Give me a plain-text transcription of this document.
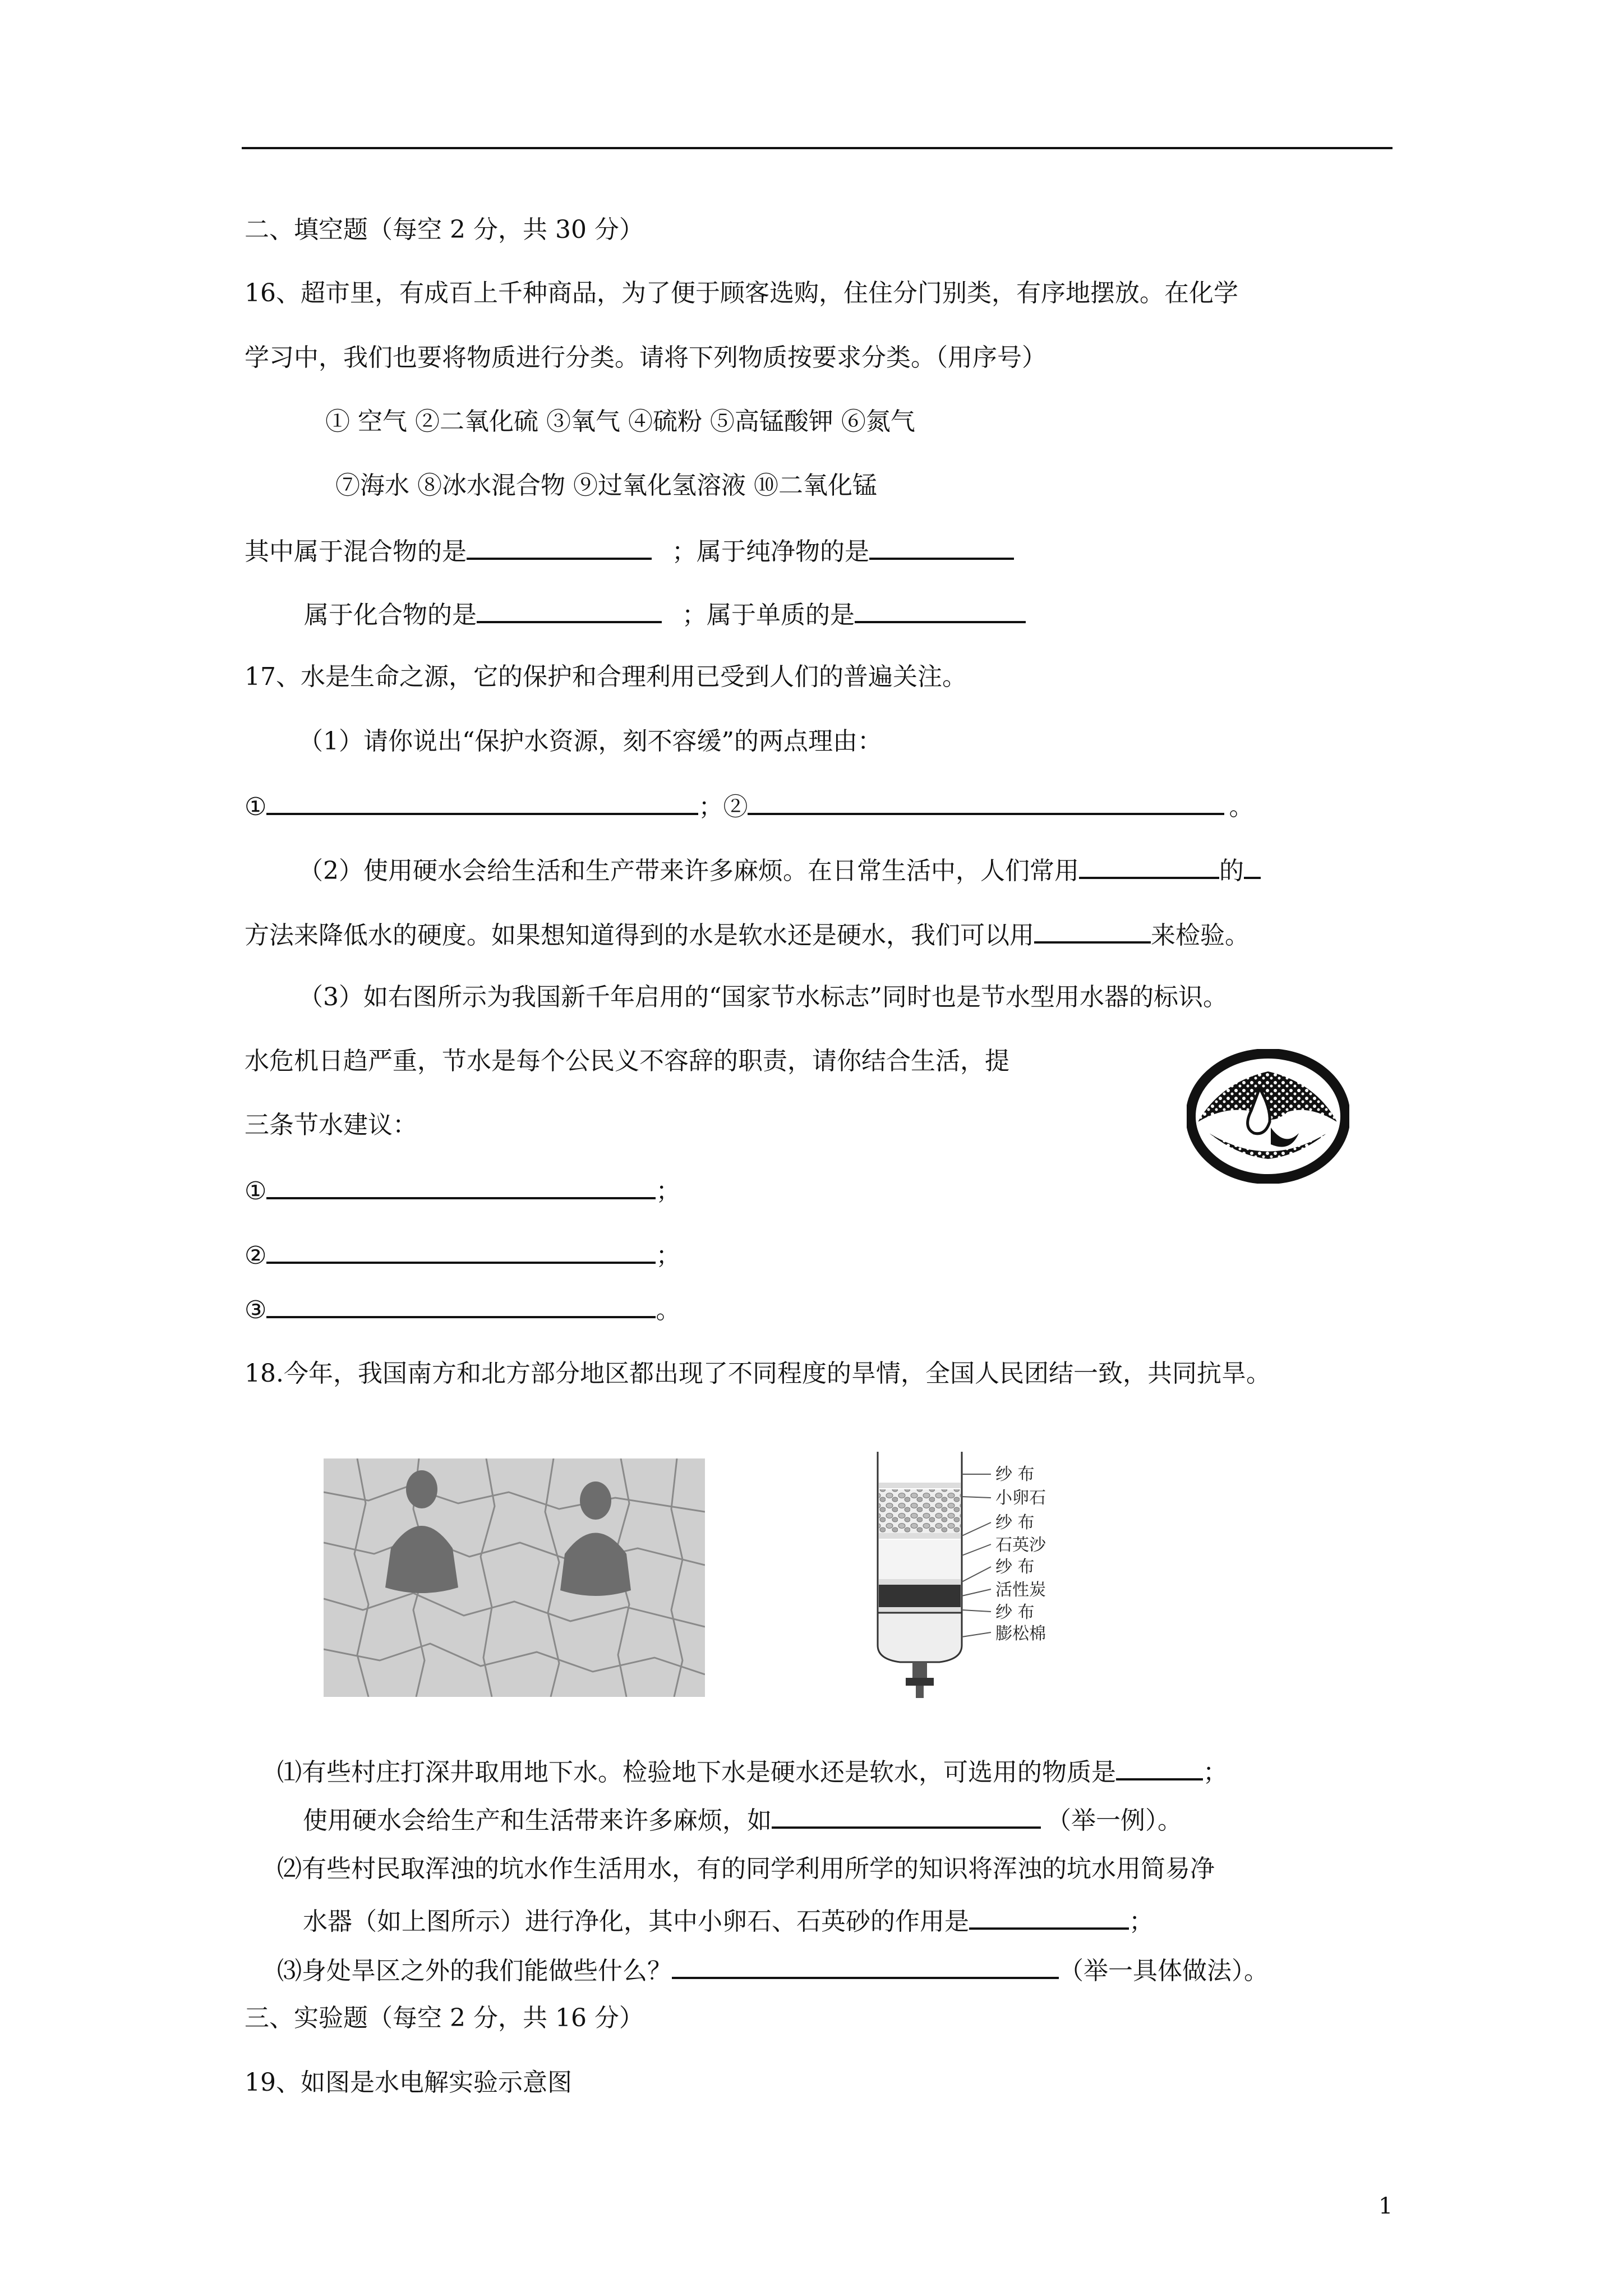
二、填空题（每空 2 分，共 30 分）
16、超市里，有成百上千种商品，为了便于顾客选购，住住分门别类，有序地摆放。在化学
学习中，我们也要将物质进行分类。请将下列物质按要求分类。（用序号）
① 空气 ②二氧化硫 ③氧气 ④硫粉 ⑤高锰酸钾 ⑥氮气
⑦海水 ⑧冰水混合物 ⑨过氧化氢溶液 ⑩二氧化锰
其中属于混合物的是	；属于纯净物的是
属于化合物的是	；属于单质的是
17、水是生命之源，它的保护和合理利用已受到人们的普遍关注。
（1）请你说出“保护水资源，刻不容缓”的两点理由：
①	；②	。
（2）使用硬水会给生活和生产带来许多麻烦。在日常生活中，人们常用	的
方法来降低水的硬度。如果想知道得到的水是软水还是硬水，我们可以用	来检验。
（3）如右图所示为我国新千年启用的“国家节水标志”同时也是节水型用水器的标识。
水危机日趋严重，节水是每个公民义不容辞的职责，请你结合生活，提
三条节水建议：
①	；
②	；
③	。
18.今年，我国南方和北方部分地区都出现了不同程度的旱情，全国人民团结一致，共同抗旱。
纱 布
小卵石
纱 布
石英沙
纱 布
活性炭
纱 布
膨松棉
⑴有些村庄打深井取用地下水。检验地下水是硬水还是软水，可选用的物质是	；
使用硬水会给生产和生活带来许多麻烦，如	（举一例）。
⑵有些村民取浑浊的坑水作生活用水，有的同学利用所学的知识将浑浊的坑水用简易净
水器（如上图所示）进行净化，其中小卵石、石英砂的作用是	；
⑶身处旱区之外的我们能做些什么？	（举一具体做法）。
三、实验题（每空 2 分，共 16 分）
19、如图是水电解实验示意图
1
